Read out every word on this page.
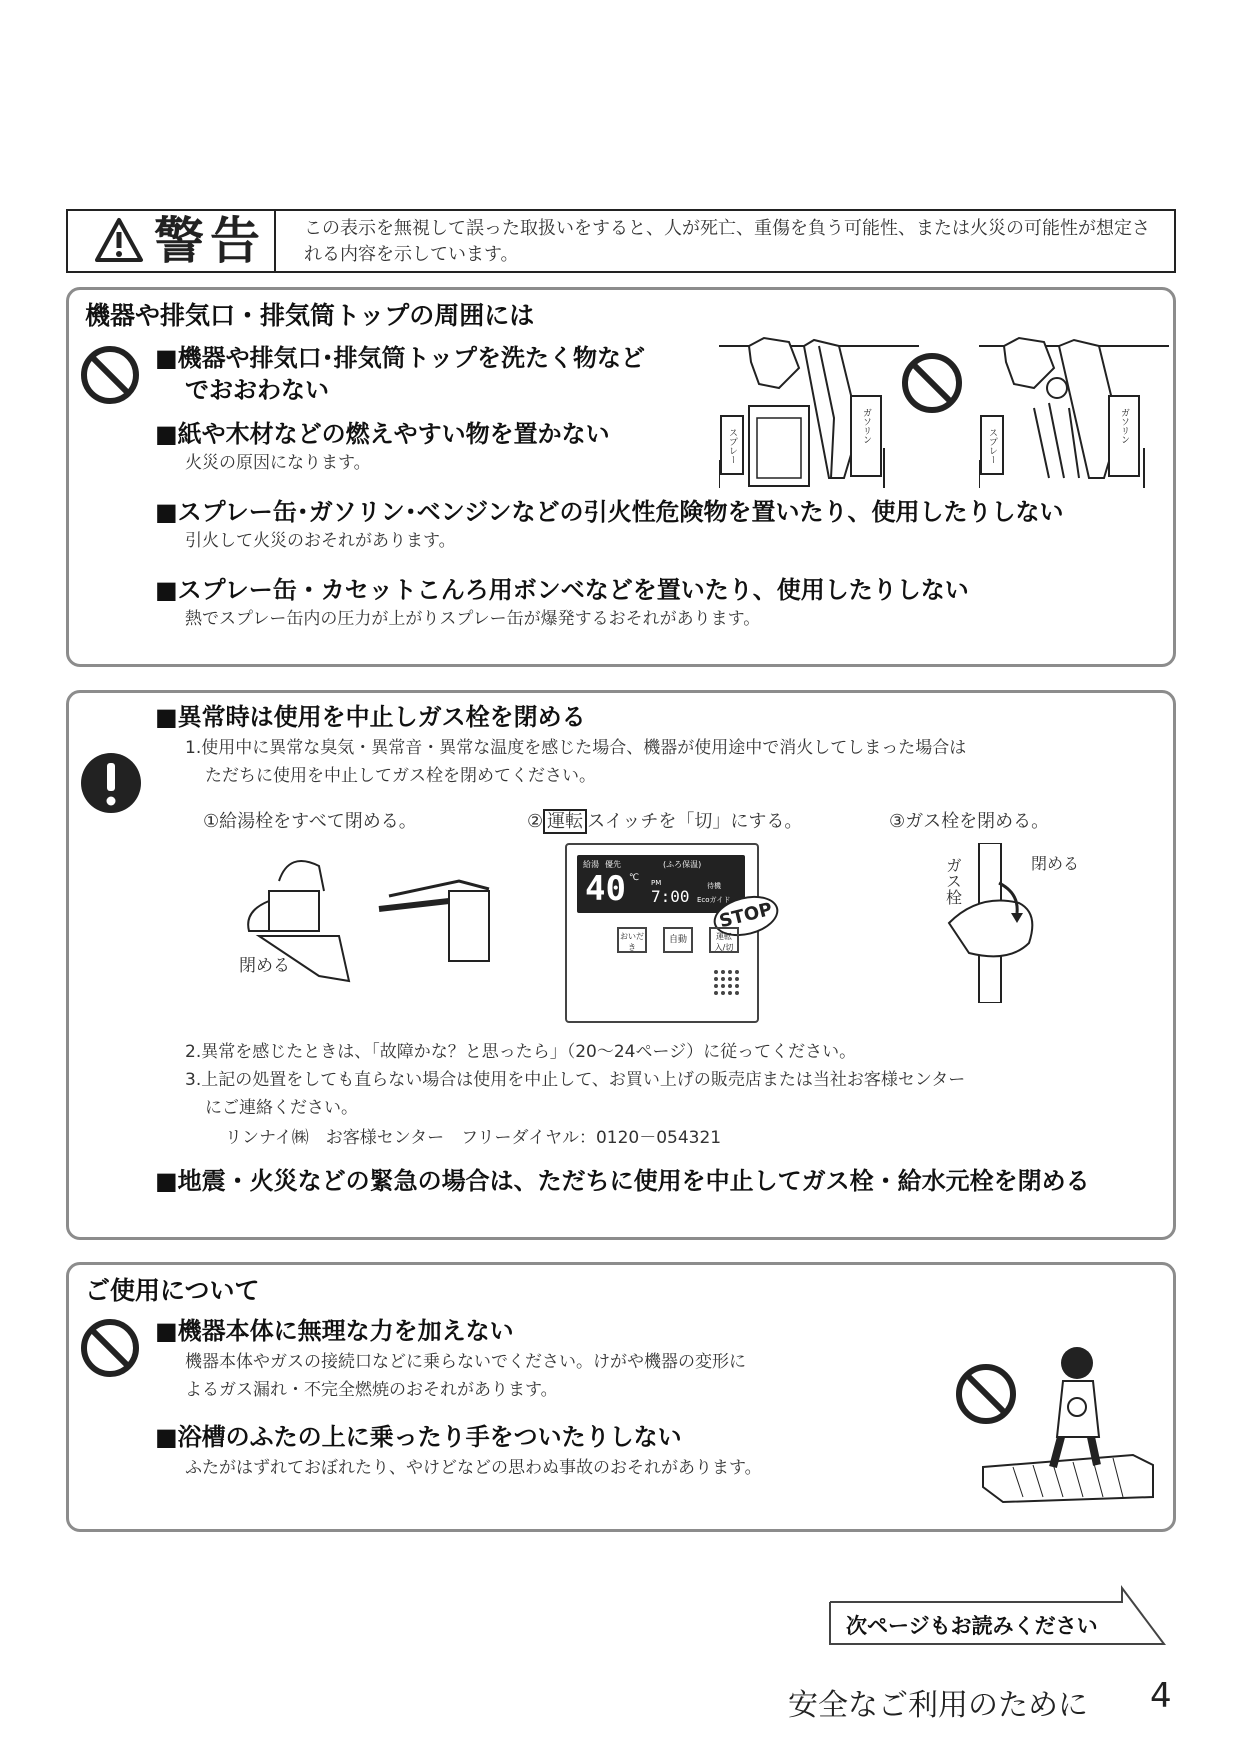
警告 この表示を無視して誤った取扱いをすると、人が死亡、重傷を負う可能性、または火災の可能性が想定される内容を示しています。
機器や排気口・排気筒トップの周囲には
■機器や排気口･排気筒トップを洗たく物など
でおおわない
■紙や木材などの燃えやすい物を置かない
火災の原因になります。
■スプレー缶･ガソリン･ベンジンなどの引火性危険物を置いたり、使用したりしない
引火して火災のおそれがあります。
■スプレー缶・カセットこんろ用ボンベなどを置いたり、使用したりしない
熱でスプレー缶内の圧力が上がりスプレー缶が爆発するおそれがあります。
スプレー
ガソリン
スプレー
ガソリン
■異常時は使用を中止しガス栓を閉める
1.使用中に異常な臭気・異常音・異常な温度を感じた場合、機器が使用途中で消火してしまった場合は
ただちに使用を中止してガス栓を閉めてください。
①給湯栓をすべて閉める。	② 運転 スイッチを「切」にする。	③ガス栓を閉める。
閉める
給湯 優先	(ふろ保温)
40 ℃ PM
7:00
待機
Ecoガイド
STOP
おいだき
自動	運転入/切
ガス栓	閉める
2.異常を感じたときは、「故障かな？と思ったら」（20～24ページ）に従ってください。
3.上記の処置をしても直らない場合は使用を中止して、お買い上げの販売店または当社お客様センター
にご連絡ください。
リンナイ㈱　お客様センター　フリーダイヤル：0120－054321
■地震・火災などの緊急の場合は、ただちに使用を中止してガス栓・給水元栓を閉める
ご使用について
■機器本体に無理な力を加えない
機器本体やガスの接続口などに乗らないでください。けがや機器の変形に
よるガス漏れ・不完全燃焼のおそれがあります。
■浴槽のふたの上に乗ったり手をついたりしない
ふたがはずれておぼれたり、やけどなどの思わぬ事故のおそれがあります。
次ページもお読みください
安全なご利用のために 4
